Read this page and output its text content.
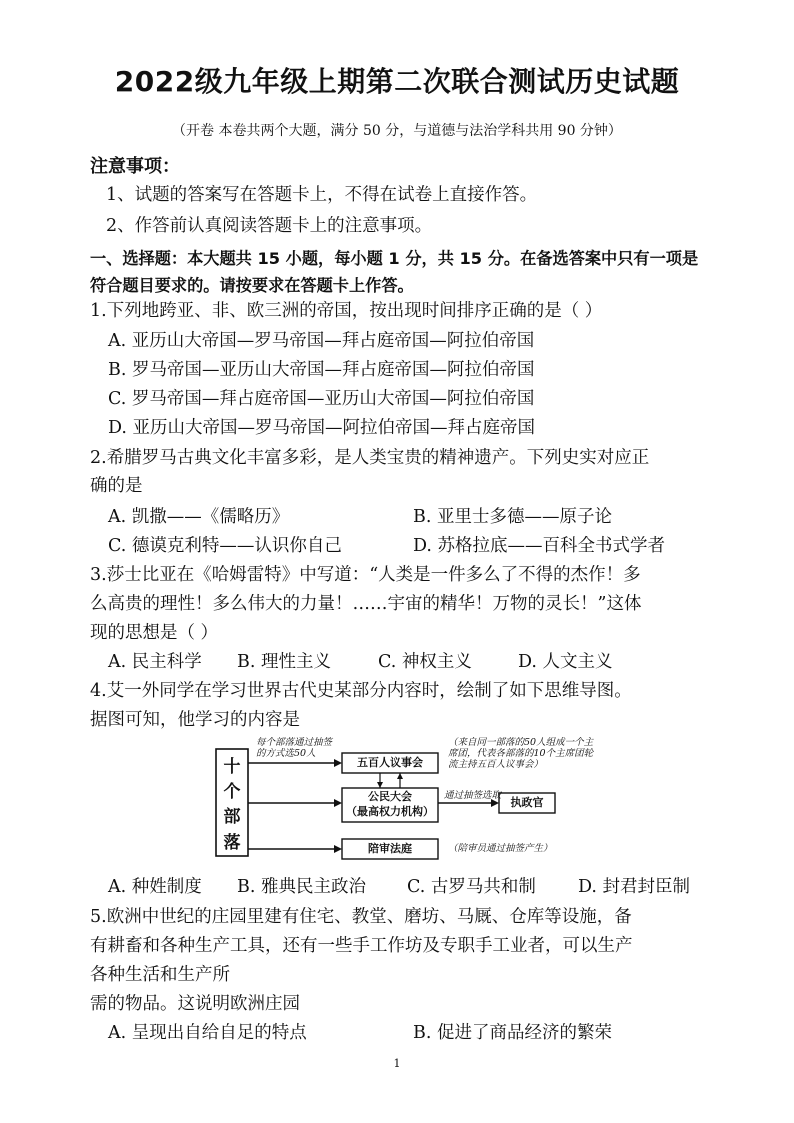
2022级九年级上期第二次联合测试历史试题
（开卷 本卷共两个大题，满分 50 分，与道德与法治学科共用 90 分钟）
注意事项：
1、试题的答案写在答题卡上，不得在试卷上直接作答。
2、作答前认真阅读答题卡上的注意事项。
一、选择题：本大题共 15 小题，每小题 1 分，共 15 分。在备选答案中只有一项是
符合题目要求的。请按要求在答题卡上作答。
1.下列地跨亚、非、欧三洲的帝国，按出现时间排序正确的是（ ）
A. 亚历山大帝国—罗马帝国—拜占庭帝国—阿拉伯帝国
B. 罗马帝国—亚历山大帝国—拜占庭帝国—阿拉伯帝国
C. 罗马帝国—拜占庭帝国—亚历山大帝国—阿拉伯帝国
D. 亚历山大帝国—罗马帝国—阿拉伯帝国—拜占庭帝国
2.希腊罗马古典文化丰富多彩，是人类宝贵的精神遗产。下列史实对应正
确的是
A. 凯撒——《儒略历》	B. 亚里士多德——原子论
C. 德谟克利特——认识你自己	D. 苏格拉底——百科全书式学者
3.莎士比亚在《哈姆雷特》中写道：“人类是一件多么了不得的杰作！多
么高贵的理性！多么伟大的力量！……宇宙的精华！万物的灵长！”这体
现的思想是（ ）
A. 民主科学 B. 理性主义	C. 神权主义	D. 人文主义
4.艾一外同学在学习世界古代史某部分内容时，绘制了如下思维导图。
据图可知，他学习的内容是
十
个
部
落
每个部落通过抽签的方式选50人
五百人议事会
（来自同一部落的50人组成一个主席团，代表各部落的10个主席团轮流主持五百人议事会）
公民大会
（最高权力机构）
通过抽签选取
执政官
陪审法庭	（陪审员通过抽签产生）
A. 种姓制度 B. 雅典民主政治 C. 古罗马共和制 D. 封君封臣制
5.欧洲中世纪的庄园里建有住宅、教堂、磨坊、马厩、仓库等设施，备
有耕畜和各种生产工具，还有一些手工作坊及专职手工业者，可以生产
各种生活和生产所
需的物品。这说明欧洲庄园
A. 呈现出自给自足的特点	B. 促进了商品经济的繁荣
1
